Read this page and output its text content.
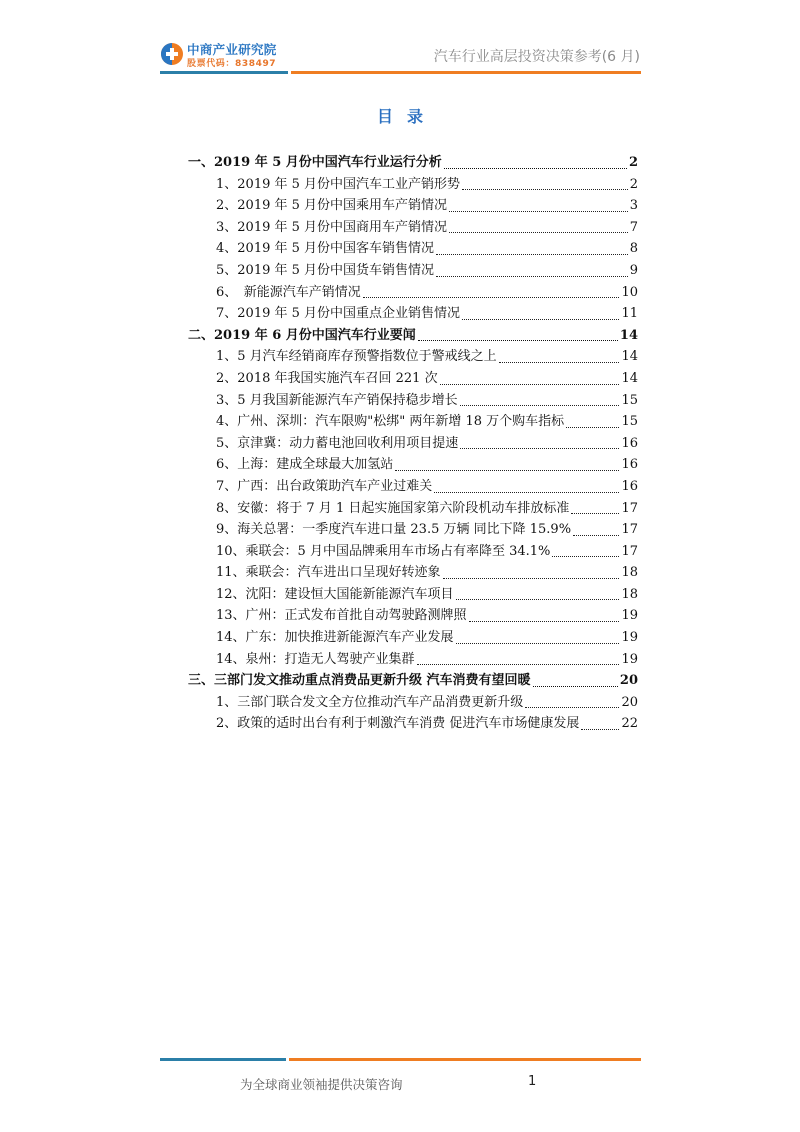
中商产业研究院
股票代码：838497	汽车行业高层投资决策参考(6 月)
目录
一、2019 年 5 月份中国汽车行业运行分析	2
1、2019 年 5 月份中国汽车工业产销形势	2
2、2019 年 5 月份中国乘用车产销情况	3
3、2019 年 5 月份中国商用车产销情况	7
4、2019 年 5 月份中国客车销售情况	8
5、2019 年 5 月份中国货车销售情况	9
6、　新能源汽车产销情况	10
7、2019 年 5 月份中国重点企业销售情况	11
二、2019 年 6 月份中国汽车行业要闻	14
1、5 月汽车经销商库存预警指数位于警戒线之上	14
2、2018 年我国实施汽车召回 221 次	14
3、5 月我国新能源汽车产销保持稳步增长	15
4、广州、深圳：汽车限购"松绑" 两年新增 18 万个购车指标	15
5、京津冀：动力蓄电池回收利用项目提速	16
6、上海：建成全球最大加氢站	16
7、广西：出台政策助汽车产业过难关	16
8、安徽：将于 7 月 1 日起实施国家第六阶段机动车排放标准	17
9、海关总署：一季度汽车进口量 23.5 万辆 同比下降 15.9%	17
10、乘联会：5 月中国品牌乘用车市场占有率降至 34.1%	17
11、乘联会：汽车进出口呈现好转迹象	18
12、沈阳：建设恒大国能新能源汽车项目	18
13、广州：正式发布首批自动驾驶路测牌照	19
14、广东：加快推进新能源汽车产业发展	19
14、泉州：打造无人驾驶产业集群	19
三、三部门发文推动重点消费品更新升级 汽车消费有望回暖	20
1、三部门联合发文全方位推动汽车产品消费更新升级	20
2、政策的适时出台有利于刺激汽车消费 促进汽车市场健康发展	22
为全球商业领袖提供决策咨询	1
